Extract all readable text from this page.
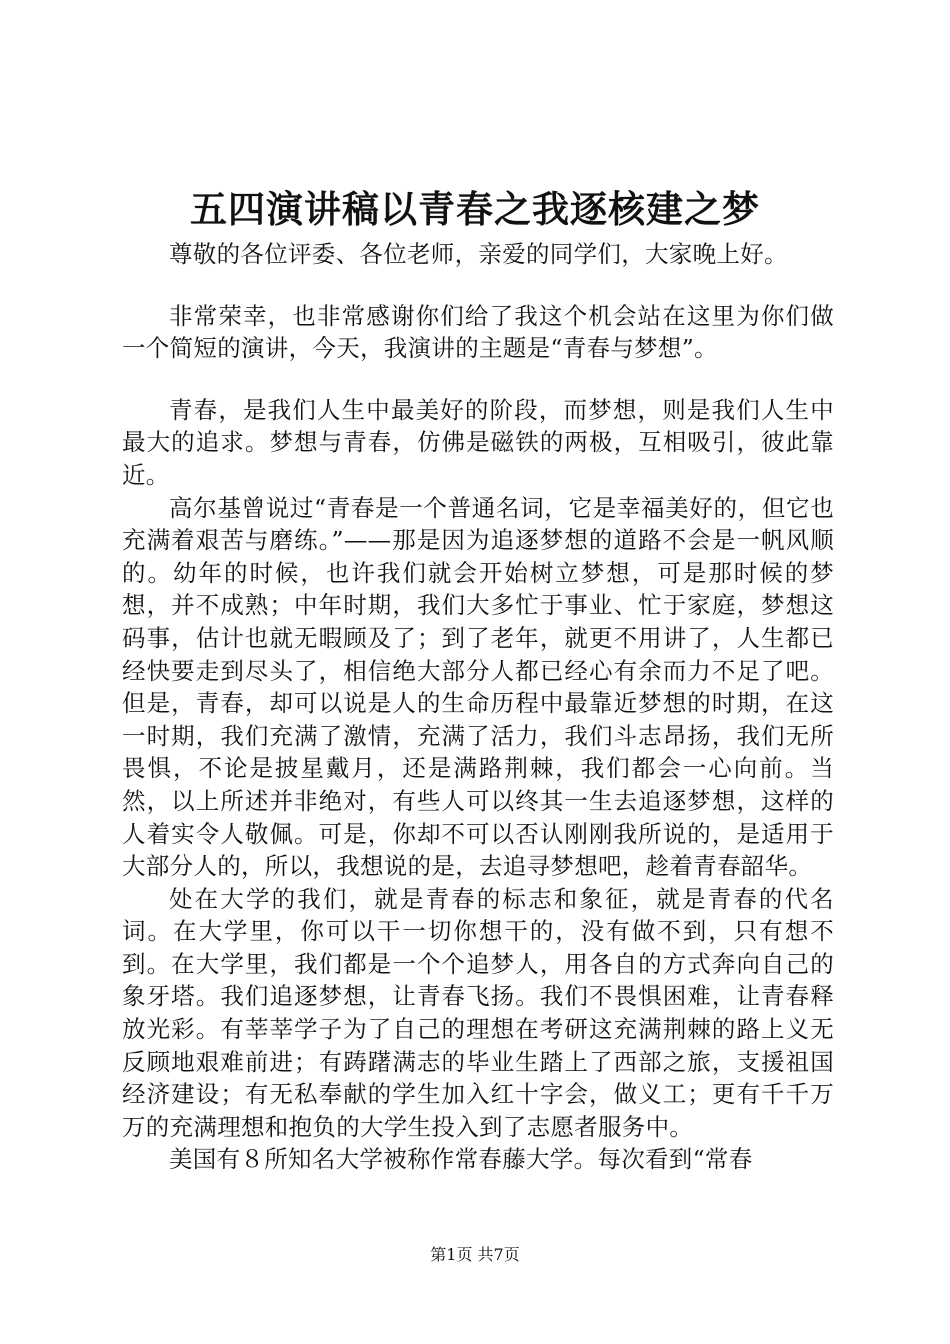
五四演讲稿以青春之我逐核建之梦

尊敬的各位评委、各位老师，亲爱的同学们，大家晚上好。

非常荣幸，也非常感谢你们给了我这个机会站在这里为你们做一个简短的演讲，今天，我演讲的主题是“青春与梦想”。

青春，是我们人生中最美好的阶段，而梦想，则是我们人生中最大的追求。梦想与青春，仿佛是磁铁的两极，互相吸引，彼此靠近。

高尔基曾说过“青春是一个普通名词，它是幸福美好的，但它也充满着艰苦与磨练。”——那是因为追逐梦想的道路不会是一帆风顺的。幼年的时候，也许我们就会开始树立梦想，可是那时候的梦想，并不成熟；中年时期，我们大多忙于事业、忙于家庭，梦想这码事，估计也就无暇顾及了；到了老年，就更不用讲了，人生都已经快要走到尽头了，相信绝大部分人都已经心有余而力不足了吧。但是，青春，却可以说是人的生命历程中最靠近梦想的时期，在这一时期，我们充满了激情，充满了活力，我们斗志昂扬，我们无所畏惧，不论是披星戴月，还是满路荆棘，我们都会一心向前。当然，以上所述并非绝对，有些人可以终其一生去追逐梦想，这样的人着实令人敬佩。可是，你却不可以否认刚刚我所说的，是适用于大部分人的，所以，我想说的是，去追寻梦想吧，趁着青春韶华。

处在大学的我们，就是青春的标志和象征，就是青春的代名词。在大学里，你可以干一切你想干的，没有做不到，只有想不到。在大学里，我们都是一个个追梦人，用各自的方式奔向自己的象牙塔。我们追逐梦想，让青春飞扬。我们不畏惧困难，让青春释放光彩。有莘莘学子为了自己的理想在考研这充满荆棘的路上义无反顾地艰难前进；有踌躇满志的毕业生踏上了西部之旅，支援祖国经济建设；有无私奉献的学生加入红十字会，做义工；更有千千万万的充满理想和抱负的大学生投入到了志愿者服务中。

美国有８所知名大学被称作常春藤大学。每次看到“常春

第1页 共7页
